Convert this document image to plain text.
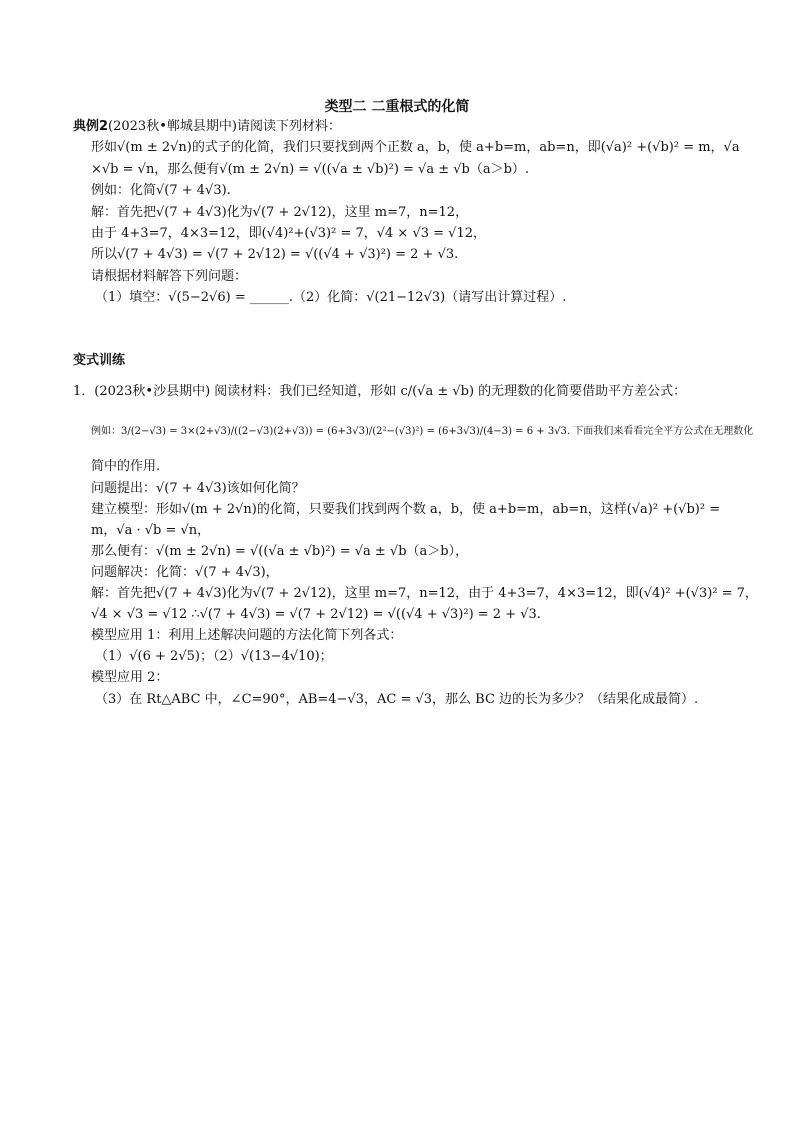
类型二 二重根式的化简
典例2(2023秋•郸城县期中)请阅读下列材料：
形如√(m ± 2√n)的式子的化简，我们只要找到两个正数 a，b，使 a+b=m，ab=n，即(√a)² +(√b)² = m，√a
×√b = √n，那么便有√(m ± 2√n) = √((√a ± √b)²) = √a ± √b（a＞b）.
例如：化简√(7 + 4√3).
解：首先把√(7 + 4√3)化为√(7 + 2√12)，这里 m=7，n=12，
由于 4+3=7，4×3=12，即(√4)²+(√3)² = 7，√4 × √3 = √12，
所以√(7 + 4√3) = √(7 + 2√12) = √((√4 + √3)²) = 2 + √3.
请根据材料解答下列问题：
（1）填空：√(5−2√6) = ______.（2）化简：√(21−12√3)（请写出计算过程）.
变式训练
1．(2023秋•沙县期中) 阅读材料：我们已经知道，形如 c/(√a ± √b) 的无理数的化简要借助平方差公式：
例如：3/(2−√3) = 3×(2+√3)/((2−√3)(2+√3)) = (6+3√3)/(2²−(√3)²) = (6+3√3)/(4−3) = 6 + 3√3. 下面我们来看看完全平方公式在无理数化
简中的作用.
问题提出：√(7 + 4√3)该如何化简？
建立模型：形如√(m + 2√n)的化简，只要我们找到两个数 a，b，使 a+b=m，ab=n，这样(√a)² +(√b)² =
m，√a · √b = √n，
那么便有：√(m ± 2√n) = √((√a ± √b)²) = √a ± √b（a＞b），
问题解决：化简：√(7 + 4√3)，
解：首先把√(7 + 4√3)化为√(7 + 2√12)，这里 m=7，n=12，由于 4+3=7，4×3=12，即(√4)² +(√3)² = 7，
√4 × √3 = √12 ∴√(7 + 4√3) = √(7 + 2√12) = √((√4 + √3)²) = 2 + √3.
模型应用 1：利用上述解决问题的方法化简下列各式：
（1）√(6 + 2√5)；（2）√(13−4√10)；
模型应用 2：
（3）在 Rt△ABC 中，∠C=90°，AB=4−√3，AC = √3，那么 BC 边的长为多少？（结果化成最简）.
